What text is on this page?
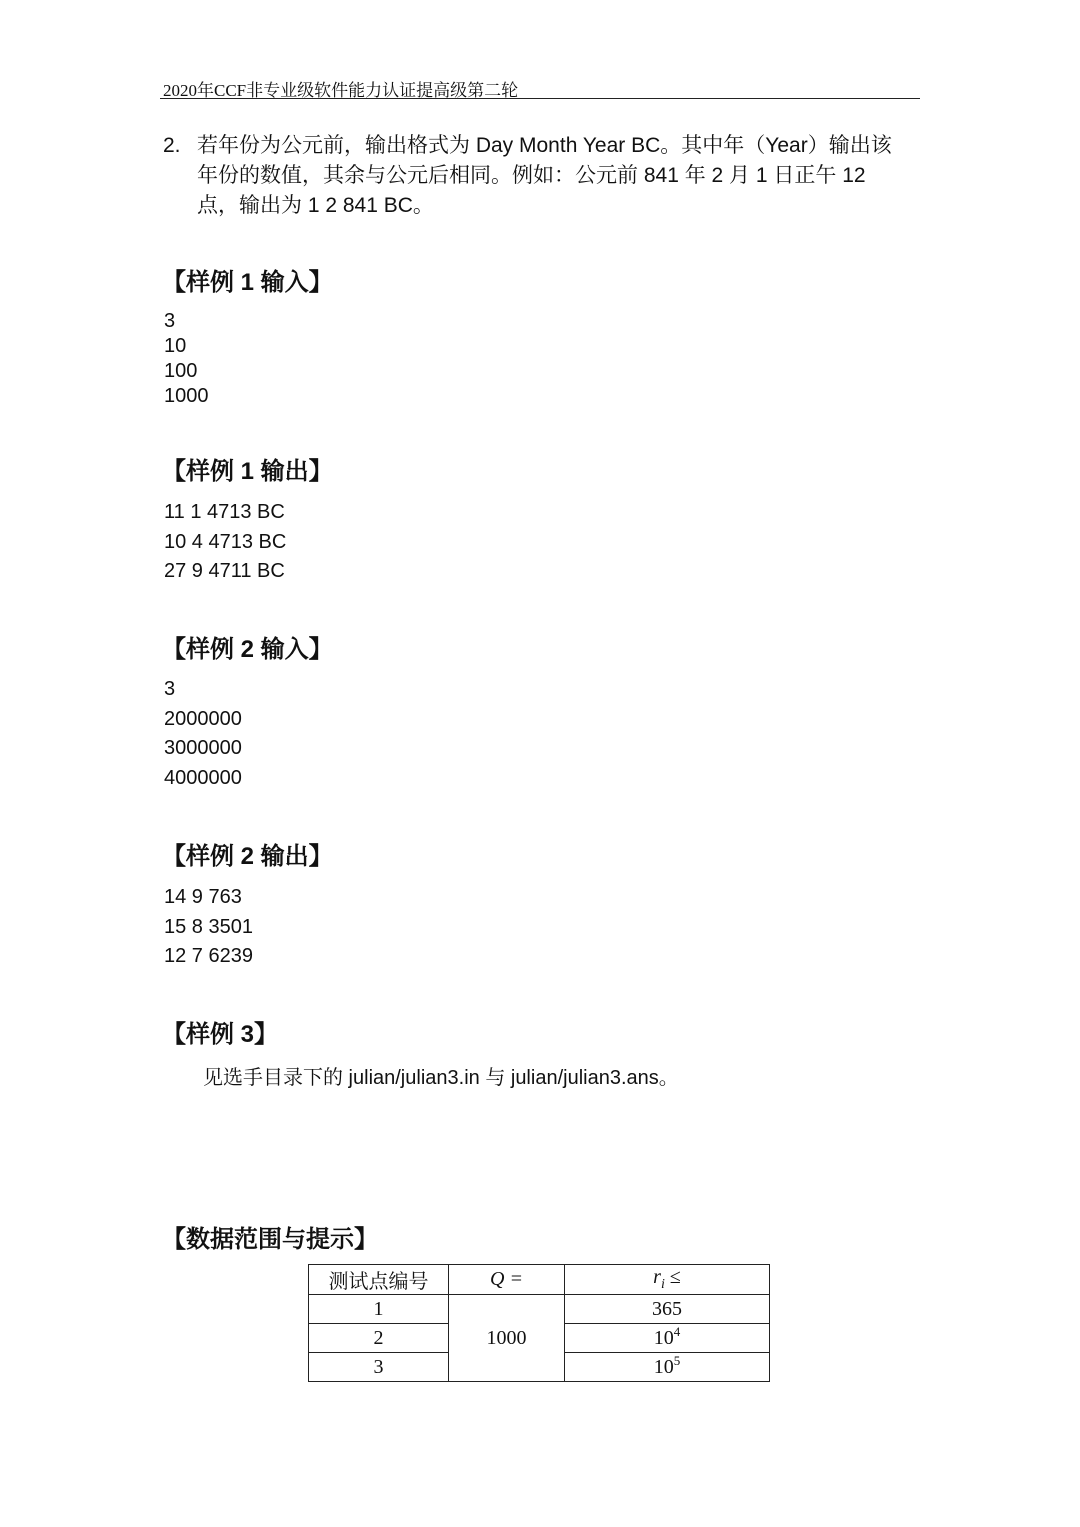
2020年CCF非专业级软件能力认证提高级第二轮
2. 若年份为公元前，输出格式为 Day Month Year BC。其中年（Year）输出该
年份的数值，其余与公元后相同。例如：公元前 841 年 2 月 1 日正午 12
点，输出为 1 2 841 BC。
【样例 1 输入】
3
10
100
1000
【样例 1 输出】
11 1 4713 BC
10 4 4713 BC
27 9 4711 BC
【样例 2 输入】
3
2000000
3000000
4000000
【样例 2 输出】
14 9 763
15 8 3501
12 7 6239
【样例 3】
见选手目录下的 julian/julian3.in 与 julian/julian3.ans。
【数据范围与提示】
测试点编号	Q =	$r_i$ ≤
1	1000	365
2		$10^4$
3		$10^5$
